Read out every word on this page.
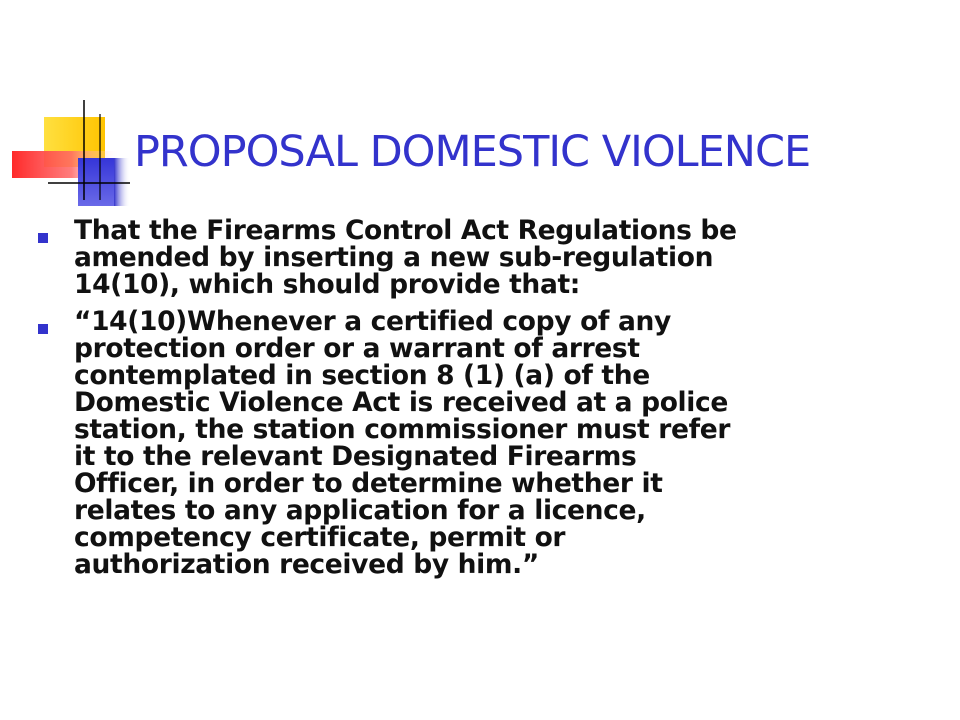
PROPOSAL DOMESTIC VIOLENCE
That the Firearms Control Act Regulations be
amended by inserting a new sub-regulation
14(10), which should provide that:
“14(10)Whenever a certified copy of any
protection order or a warrant of arrest
contemplated in section 8 (1) (a) of the
Domestic Violence Act is received at a police
station, the station commissioner must refer
it to the relevant Designated Firearms
Officer, in order to determine whether it
relates to any application for a licence,
competency certificate, permit or
authorization received by him.”
